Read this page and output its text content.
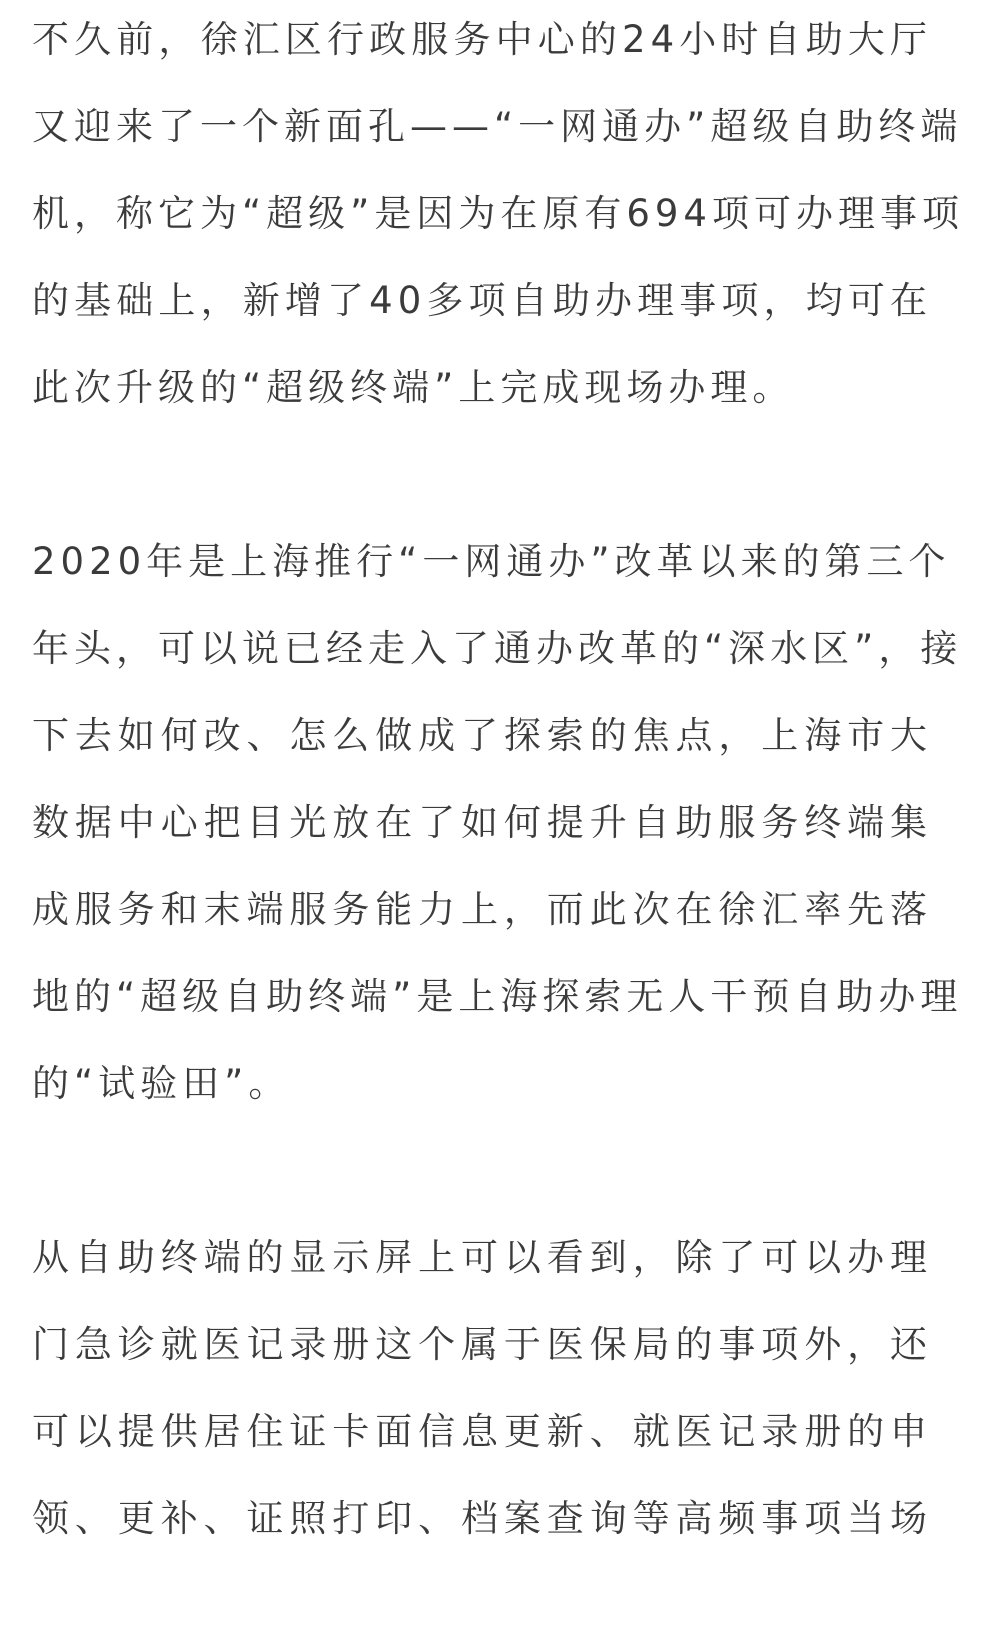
不久前，徐汇区行政服务中心的24小时自助大厅
又迎来了一个新面孔——“一网通办”超级自助终端
机，称它为“超级”是因为在原有694项可办理事项
的基础上，新增了40多项自助办理事项，均可在
此次升级的“超级终端”上完成现场办理。
2020年是上海推行“一网通办”改革以来的第三个
年头，可以说已经走入了通办改革的“深水区”，接
下去如何改、怎么做成了探索的焦点，上海市大
数据中心把目光放在了如何提升自助服务终端集
成服务和末端服务能力上，而此次在徐汇率先落
地的“超级自助终端”是上海探索无人干预自助办理
的“试验田”。
从自助终端的显示屏上可以看到，除了可以办理
门急诊就医记录册这个属于医保局的事项外，还
可以提供居住证卡面信息更新、就医记录册的申
领、更补、证照打印、档案查询等高频事项当场
